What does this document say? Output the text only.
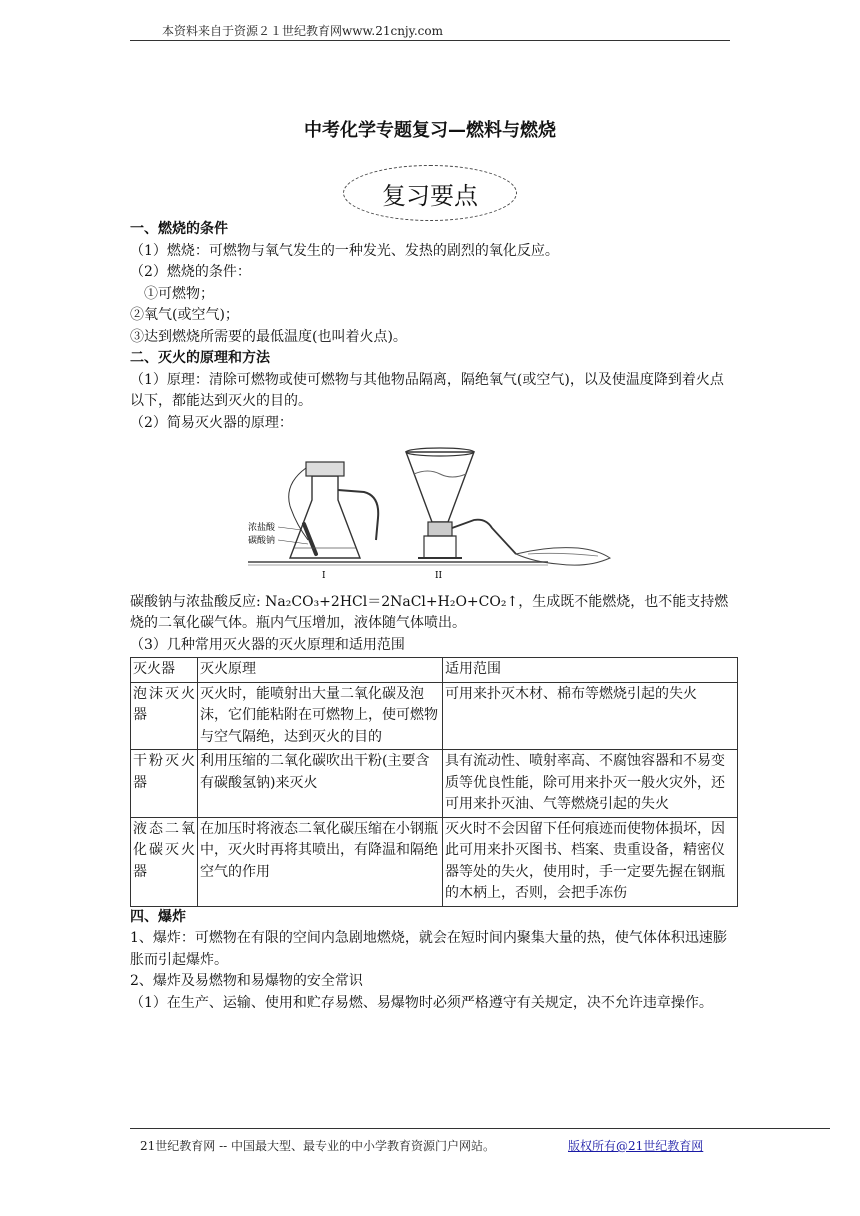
本资料来自于资源２１世纪教育网www.21cnjy.com
中考化学专题复习—燃料与燃烧
复习要点

一、燃烧的条件

（1）燃烧：可燃物与氧气发生的一种发光、发热的剧烈的氧化反应。

（2）燃烧的条件：

①可燃物；

②氧气(或空气)；

③达到燃烧所需要的最低温度(也叫着火点)。

二、灭火的原理和方法

（1）原理：清除可燃物或使可燃物与其他物品隔离，隔绝氧气(或空气)，以及使温度降到着火点以下，都能达到灭火的目的。

（2）简易灭火器的原理：

浓盐酸
碳酸钠
I	II

碳酸钠与浓盐酸反应: Na₂CO₃+2HCl＝2NaCl+H₂O+CO₂↑，生成既不能燃烧，也不能支持燃烧的二氧化碳气体。瓶内气压增加，液体随气体喷出。

（3）几种常用灭火器的灭火原理和适用范围

灭火器	灭火原理	适用范围
泡沫灭火器	灭火时，能喷射出大量二氧化碳及泡沫，它们能粘附在可燃物上，使可燃物与空气隔绝，达到灭火的目的	可用来扑灭木材、棉布等燃烧引起的失火
干粉灭火器	利用压缩的二氧化碳吹出干粉(主要含有碳酸氢钠)来灭火	具有流动性、喷射率高、不腐蚀容器和不易变质等优良性能，除可用来扑灭一般火灾外，还可用来扑灭油、气等燃烧引起的失火
液态二氧化碳灭火器	在加压时将液态二氧化碳压缩在小钢瓶中，灭火时再将其喷出，有降温和隔绝空气的作用	灭火时不会因留下任何痕迹而使物体损坏，因此可用来扑灭图书、档案、贵重设备，精密仪器等处的失火，使用时，手一定要先握在钢瓶的木柄上，否则，会把手冻伤

四、爆炸

1、爆炸：可燃物在有限的空间内急剧地燃烧，就会在短时间内聚集大量的热，使气体体积迅速膨胀而引起爆炸。

2、爆炸及易燃物和易爆物的安全常识

（1）在生产、运输、使用和贮存易燃、易爆物时必须严格遵守有关规定，决不允许违章操作。

21世纪教育网 -- 中国最大型、最专业的中小学教育资源门户网站。	版权所有@21世纪教育网
